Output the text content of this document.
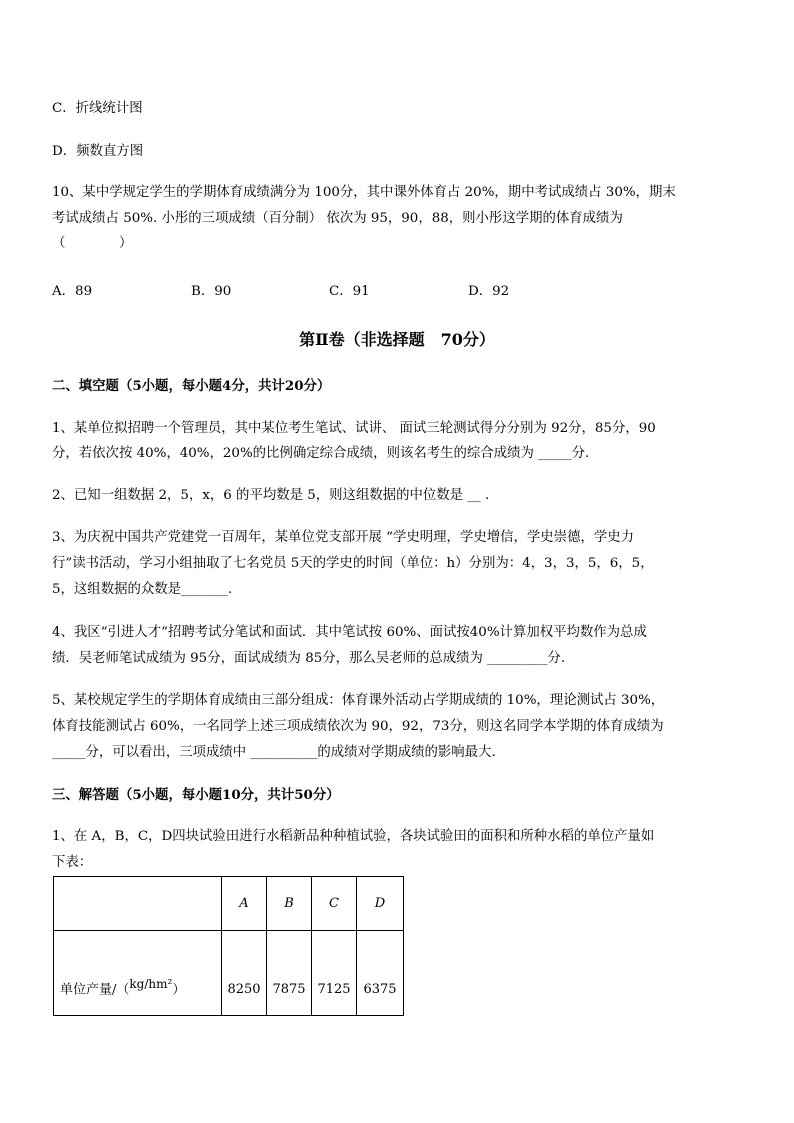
C．折线统计图
D．频数直方图
10、某中学规定学生的学期体育成绩满分为 100分，其中课外体育占 20%，期中考试成绩占 30%，期末
考试成绩占 50%. 小彤的三项成绩（百分制） 依次为 95，90，88，则小彤这学期的体育成绩为
（　　　　）
A．89	B．90	C．91	D．92
第Ⅱ卷（非选择题　70分）
二、填空题（5小题，每小题4分，共计20分）
1、某单位拟招聘一个管理员，其中某位考生笔试、试讲、 面试三轮测试得分分别为 92分，85分，90
分，若依次按 40%，40%，20%的比例确定综合成绩，则该名考生的综合成绩为 _____分.
2、已知一组数据 2，5，x，6 的平均数是 5，则这组数据的中位数是 __ .
3、为庆祝中国共产党建党一百周年，某单位党支部开展 “学史明理，学史增信，学史崇德，学史力
行”读书活动，学习小组抽取了七名党员 5天的学史的时间（单位：h）分别为：4，3，3，5，6，5，
5，这组数据的众数是_______.
4、我区“引进人才”招聘考试分笔试和面试．其中笔试按 60%、面试按40%计算加权平均数作为总成
绩．吴老师笔试成绩为 95分，面试成绩为 85分，那么吴老师的总成绩为 _________分.
5、某校规定学生的学期体育成绩由三部分组成：体育课外活动占学期成绩的 10%，理论测试占 30%，
体育技能测试占 60%，一名同学上述三项成绩依次为 90，92，73分，则这名同学本学期的体育成绩为
_____分，可以看出，三项成绩中 __________的成绩对学期成绩的影响最大.
三、解答题（5小题，每小题10分，共计50分）
1、在 A，B，C，D四块试验田进行水稻新品种种植试验，各块试验田的面积和所种水稻的单位产量如
下表：
	A	B	C	D
单位产量/（$^{kg/hm^2}$）	8250	7875	7125	6375
